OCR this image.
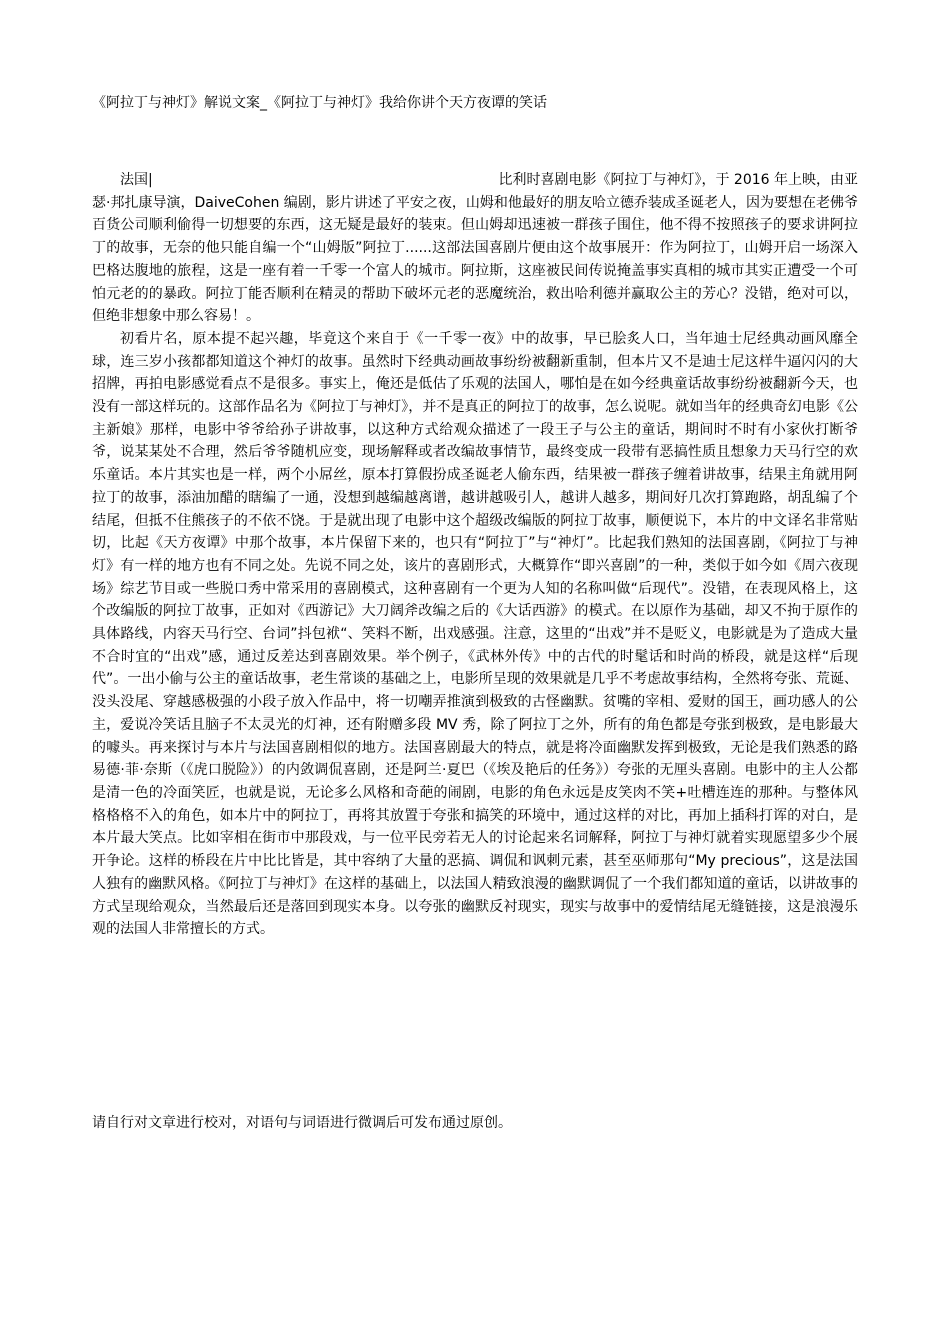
《阿拉丁与神灯》解说文案_《阿拉丁与神灯》我给你讲个天方夜谭的笑话
法国|	比利时喜剧电影《阿拉丁与神灯》，于 2016 年上映，由亚

瑟·邦扎康导演，DaiveCohen 编剧，影片讲述了平安之夜，山姆和他最好的朋友哈立德乔装成圣诞老人，因为要想在老佛爷百货公司顺利偷得一切想要的东西，这无疑是最好的装束。但山姆却迅速被一群孩子围住，他不得不按照孩子的要求讲阿拉丁的故事，无奈的他只能自编一个“山姆版”阿拉丁......这部法国喜剧片便由这个故事展开：作为阿拉丁，山姆开启一场深入巴格达腹地的旅程，这是一座有着一千零一个富人的城市。阿拉斯，这座被民间传说掩盖事实真相的城市其实正遭受一个可怕元老的的暴政。阿拉丁能否顺利在精灵的帮助下破坏元老的恶魔统治，救出哈利德并赢取公主的芳心？没错，绝对可以，但绝非想象中那么容易！。

初看片名，原本提不起兴趣，毕竟这个来自于《一千零一夜》中的故事，早已脍炙人口，当年迪士尼经典动画风靡全球，连三岁小孩都都知道这个神灯的故事。虽然时下经典动画故事纷纷被翻新重制，但本片又不是迪士尼这样牛逼闪闪的大招牌，再拍电影感觉看点不是很多。事实上，俺还是低估了乐观的法国人，哪怕是在如今经典童话故事纷纷被翻新今天，也没有一部这样玩的。这部作品名为《阿拉丁与神灯》，并不是真正的阿拉丁的故事，怎么说呢。就如当年的经典奇幻电影《公主新娘》那样，电影中爷爷给孙子讲故事，以这种方式给观众描述了一段王子与公主的童话，期间时不时有小家伙打断爷爷，说某某处不合理，然后爷爷随机应变，现场解释或者改编故事情节，最终变成一段带有恶搞性质且想象力天马行空的欢乐童话。本片其实也是一样，两个小屌丝，原本打算假扮成圣诞老人偷东西，结果被一群孩子缠着讲故事，结果主角就用阿拉丁的故事，添油加醋的瞎编了一通，没想到越编越离谱，越讲越吸引人，越讲人越多，期间好几次打算跑路，胡乱编了个结尾，但抵不住熊孩子的不依不饶。于是就出现了电影中这个超级改编版的阿拉丁故事，顺便说下，本片的中文译名非常贴切，比起《天方夜谭》中那个故事，本片保留下来的，也只有“阿拉丁”与“神灯”。比起我们熟知的法国喜剧，《阿拉丁与神灯》有一样的地方也有不同之处。先说不同之处，该片的喜剧形式，大概算作“即兴喜剧”的一种，类似于如今如《周六夜现场》综艺节目或一些脱口秀中常采用的喜剧模式，这种喜剧有一个更为人知的名称叫做“后现代”。没错，在表现风格上，这个改编版的阿拉丁故事，正如对《西游记》大刀阔斧改编之后的《大话西游》的模式。在以原作为基础，却又不拘于原作的具体路线，内容天马行空、台词”抖包袱“、笑料不断，出戏感强。注意，这里的“出戏”并不是贬义，电影就是为了造成大量不合时宜的“出戏”感，通过反差达到喜剧效果。举个例子，《武林外传》中的古代的时髦话和时尚的桥段，就是这样“后现代”。一出小偷与公主的童话故事，老生常谈的基础之上，电影所呈现的效果就是几乎不考虑故事结构，全然将夸张、荒诞、没头没尾、穿越感极强的小段子放入作品中，将一切嘲弄推演到极致的古怪幽默。贫嘴的宰相、爱财的国王，画功感人的公主，爱说冷笑话且脑子不太灵光的灯神，还有附赠多段 MV 秀，除了阿拉丁之外，所有的角色都是夸张到极致，是电影最大的噱头。再来探讨与本片与法国喜剧相似的地方。法国喜剧最大的特点，就是将冷面幽默发挥到极致，无论是我们熟悉的路易德·菲·奈斯（《虎口脱险》）的内敛调侃喜剧，还是阿兰·夏巴（《埃及艳后的任务》）夸张的无厘头喜剧。电影中的主人公都是清一色的冷面笑匠，也就是说，无论多么风格和奇葩的闹剧，电影的角色永远是皮笑肉不笑+吐槽连连的那种。与整体风格格格不入的角色，如本片中的阿拉丁，再将其放置于夸张和搞笑的环境中，通过这样的对比，再加上插科打诨的对白，是本片最大笑点。比如宰相在街市中那段戏，与一位平民旁若无人的讨论起来名词解释，阿拉丁与神灯就着实现愿望多少个展开争论。这样的桥段在片中比比皆是，其中容纳了大量的恶搞、调侃和讽刺元素，甚至巫师那句“My precious”，这是法国人独有的幽默风格。《阿拉丁与神灯》在这样的基础上，以法国人精致浪漫的幽默调侃了一个我们都知道的童话，以讲故事的方式呈现给观众，当然最后还是落回到现实本身。以夸张的幽默反衬现实，现实与故事中的爱情结尾无缝链接，这是浪漫乐观的法国人非常擅长的方式。

请自行对文章进行校对，对语句与词语进行微调后可发布通过原创。
